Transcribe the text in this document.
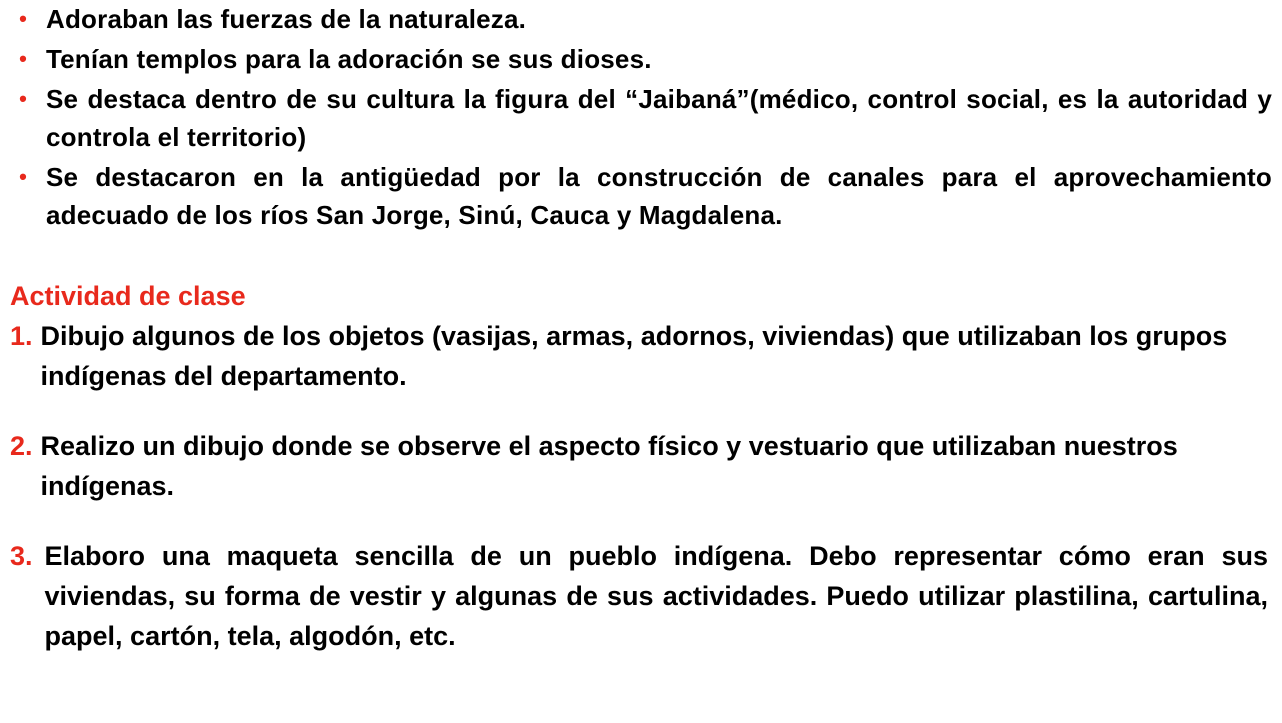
• Adoraban las fuerzas de la naturaleza.
• Tenían templos para la adoración se sus dioses.
• Se destaca dentro de su cultura la figura del “Jaibaná”(médico, control social, es la autoridad y controla el territorio)
• Se destacaron en la antigüedad por la construcción de canales para el aprovechamiento adecuado de los ríos San Jorge, Sinú, Cauca y Magdalena.
Actividad de clase
1. Dibujo algunos de los objetos (vasijas, armas, adornos, viviendas) que utilizaban los grupos indígenas del departamento.
2. Realizo un dibujo donde se observe el aspecto físico y vestuario que utilizaban nuestros indígenas.
3. Elaboro una maqueta sencilla de un pueblo indígena. Debo representar cómo eran sus viviendas, su forma de vestir y algunas de sus actividades. Puedo utilizar plastilina, cartulina, papel, cartón, tela, algodón, etc.
